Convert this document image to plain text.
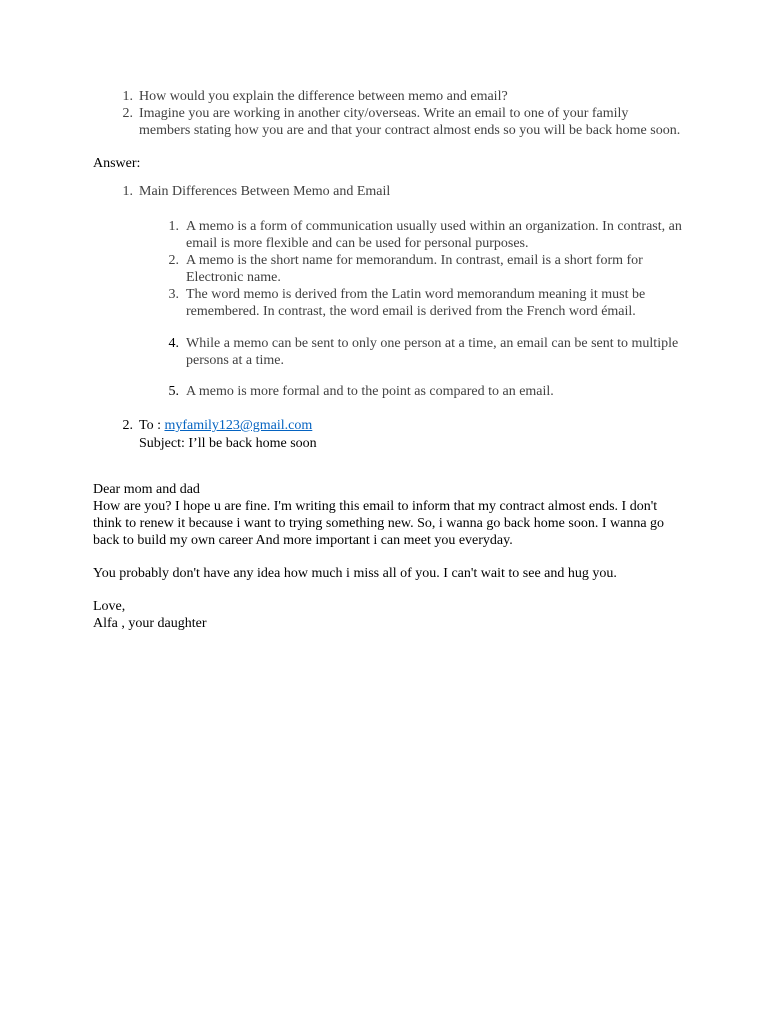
1. How would you explain the difference between memo and email?
2. Imagine you are working in another city/overseas. Write an email to one of your family members stating how you are and that your contract almost ends so you will be back home soon.
Answer:
1. Main Differences Between Memo and Email
1. A memo is a form of communication usually used within an organization. In contrast, an email is more flexible and can be used for personal purposes.
2. A memo is the short name for memorandum. In contrast, email is a short form for Electronic name.
3. The word memo is derived from the Latin word memorandum meaning it must be remembered. In contrast, the word email is derived from the French word émail.
4. While a memo can be sent to only one person at a time, an email can be sent to multiple persons at a time.
5. A memo is more formal and to the point as compared to an email.
2. To : myfamily123@gmail.com
Subject: I’ll be back home soon
Dear mom and dad
How are you? I hope u are fine. I'm writing this email to inform that my contract almost ends. I don't think to renew it because i want to trying something new. So, i wanna go back home soon. I wanna go back to build my own career And more important i can meet you everyday.
You probably don't have any idea how much i miss all of you. I can't wait to see and hug you.
Love,
Alfa , your daughter
